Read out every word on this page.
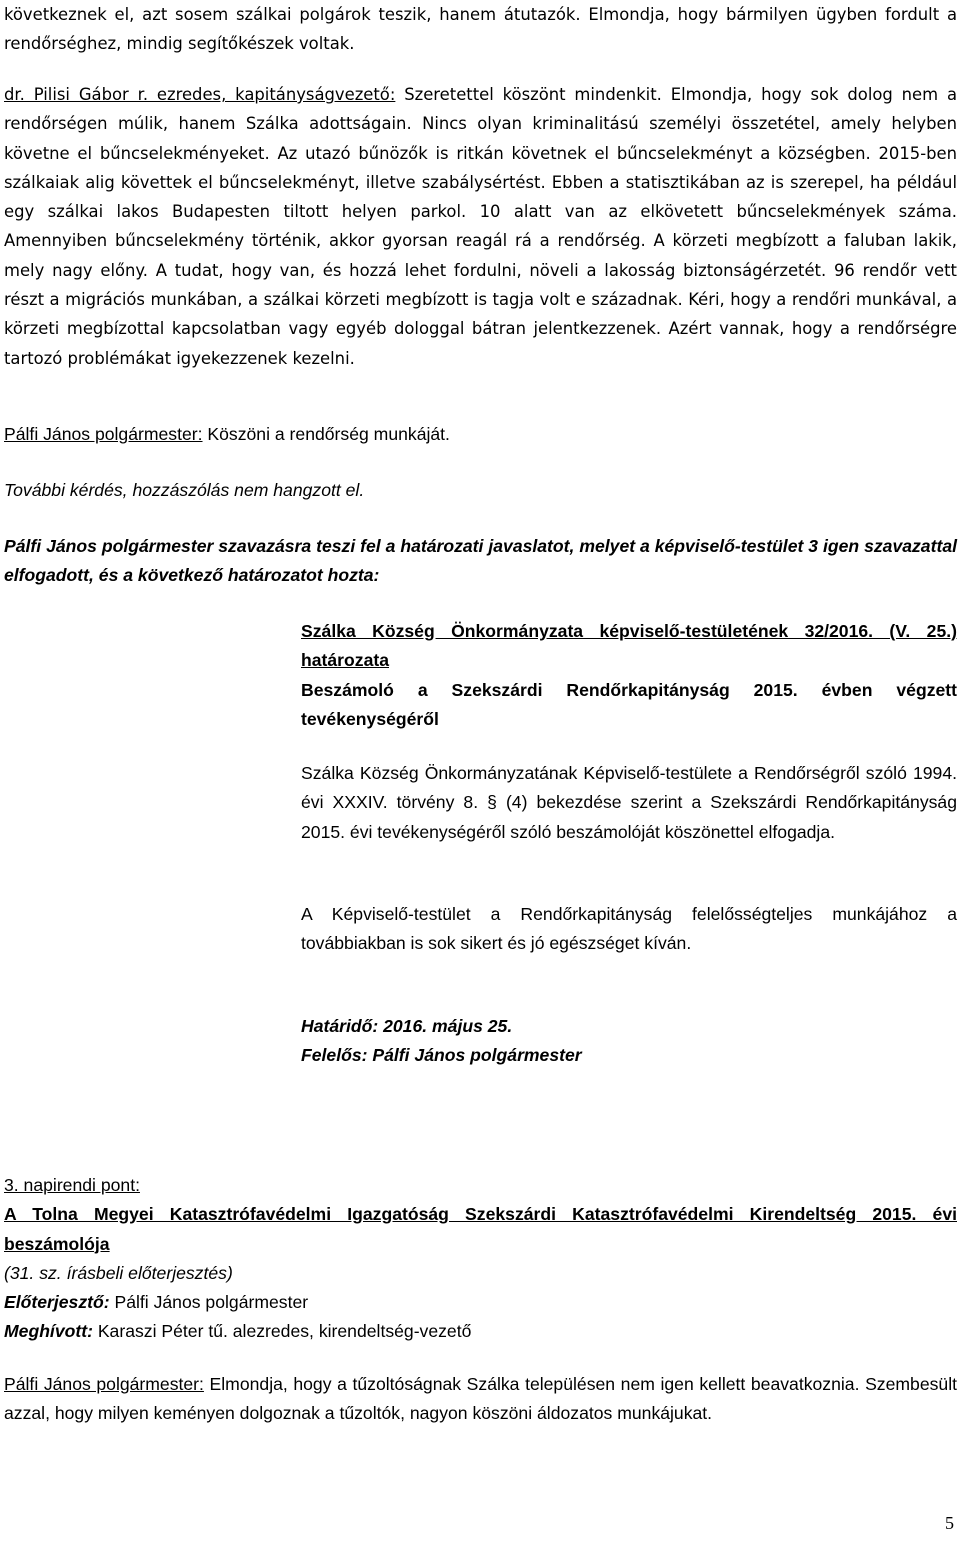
következnek el, azt sosem szálkai polgárok teszik, hanem átutazók. Elmondja, hogy bármilyen ügyben fordult a rendőrséghez, mindig segítőkészek voltak.

dr. Pilisi Gábor r. ezredes, kapitányságvezető: Szeretettel köszönt mindenkit. Elmondja, hogy sok dolog nem a rendőrségen múlik, hanem Szálka adottságain. Nincs olyan kriminalitású személyi összetétel, amely helyben követne el bűncselekményeket. Az utazó bűnözők is ritkán követnek el bűncselekményt a községben. 2015-ben szálkaiak alig követtek el bűncselekményt, illetve szabálysértést. Ebben a statisztikában az is szerepel, ha például egy szálkai lakos Budapesten tiltott helyen parkol. 10 alatt van az elkövetett bűncselekmények száma. Amennyiben bűncselekmény történik, akkor gyorsan reagál rá a rendőrség. A körzeti megbízott a faluban lakik, mely nagy előny. A tudat, hogy van, és hozzá lehet fordulni, növeli a lakosság biztonságérzetét. 96 rendőr vett részt a migrációs munkában, a szálkai körzeti megbízott is tagja volt e századnak. Kéri, hogy a rendőri munkával, a körzeti megbízottal kapcsolatban vagy egyéb dologgal bátran jelentkezzenek. Azért vannak, hogy a rendőrségre tartozó problémákat igyekezzenek kezelni.

Pálfi János polgármester: Köszöni a rendőrség munkáját.

További kérdés, hozzászólás nem hangzott el.

Pálfi János polgármester szavazásra teszi fel a határozati javaslatot, melyet a képviselő-testület 3 igen szavazattal elfogadott, és a következő határozatot hozta:

Szálka Község Önkormányzata képviselő-testületének 32/2016. (V. 25.) határozata

Beszámoló a Szekszárdi Rendőrkapitányság 2015. évben végzett tevékenységéről

Szálka Község Önkormányzatának Képviselő-testülete a Rendőrségről szóló 1994. évi XXXIV. törvény 8. § (4) bekezdése szerint a Szekszárdi Rendőrkapitányság 2015. évi tevékenységéről szóló beszámolóját köszönettel elfogadja.

A Képviselő-testület a Rendőrkapitányság felelősségteljes munkájához a továbbiakban is sok sikert és jó egészséget kíván.

Határidő: 2016. május 25.

Felelős: Pálfi János polgármester

3. napirendi pont:

A Tolna Megyei Katasztrófavédelmi Igazgatóság Szekszárdi Katasztrófavédelmi Kirendeltség 2015. évi beszámolója

(31. sz. írásbeli előterjesztés)

Előterjesztő: Pálfi János polgármester

Meghívott: Karaszi Péter tű. alezredes, kirendeltség-vezető

Pálfi János polgármester: Elmondja, hogy a tűzoltóságnak Szálka településen nem igen kellett beavatkoznia. Szembesült azzal, hogy milyen keményen dolgoznak a tűzoltók, nagyon köszöni áldozatos munkájukat.

5
